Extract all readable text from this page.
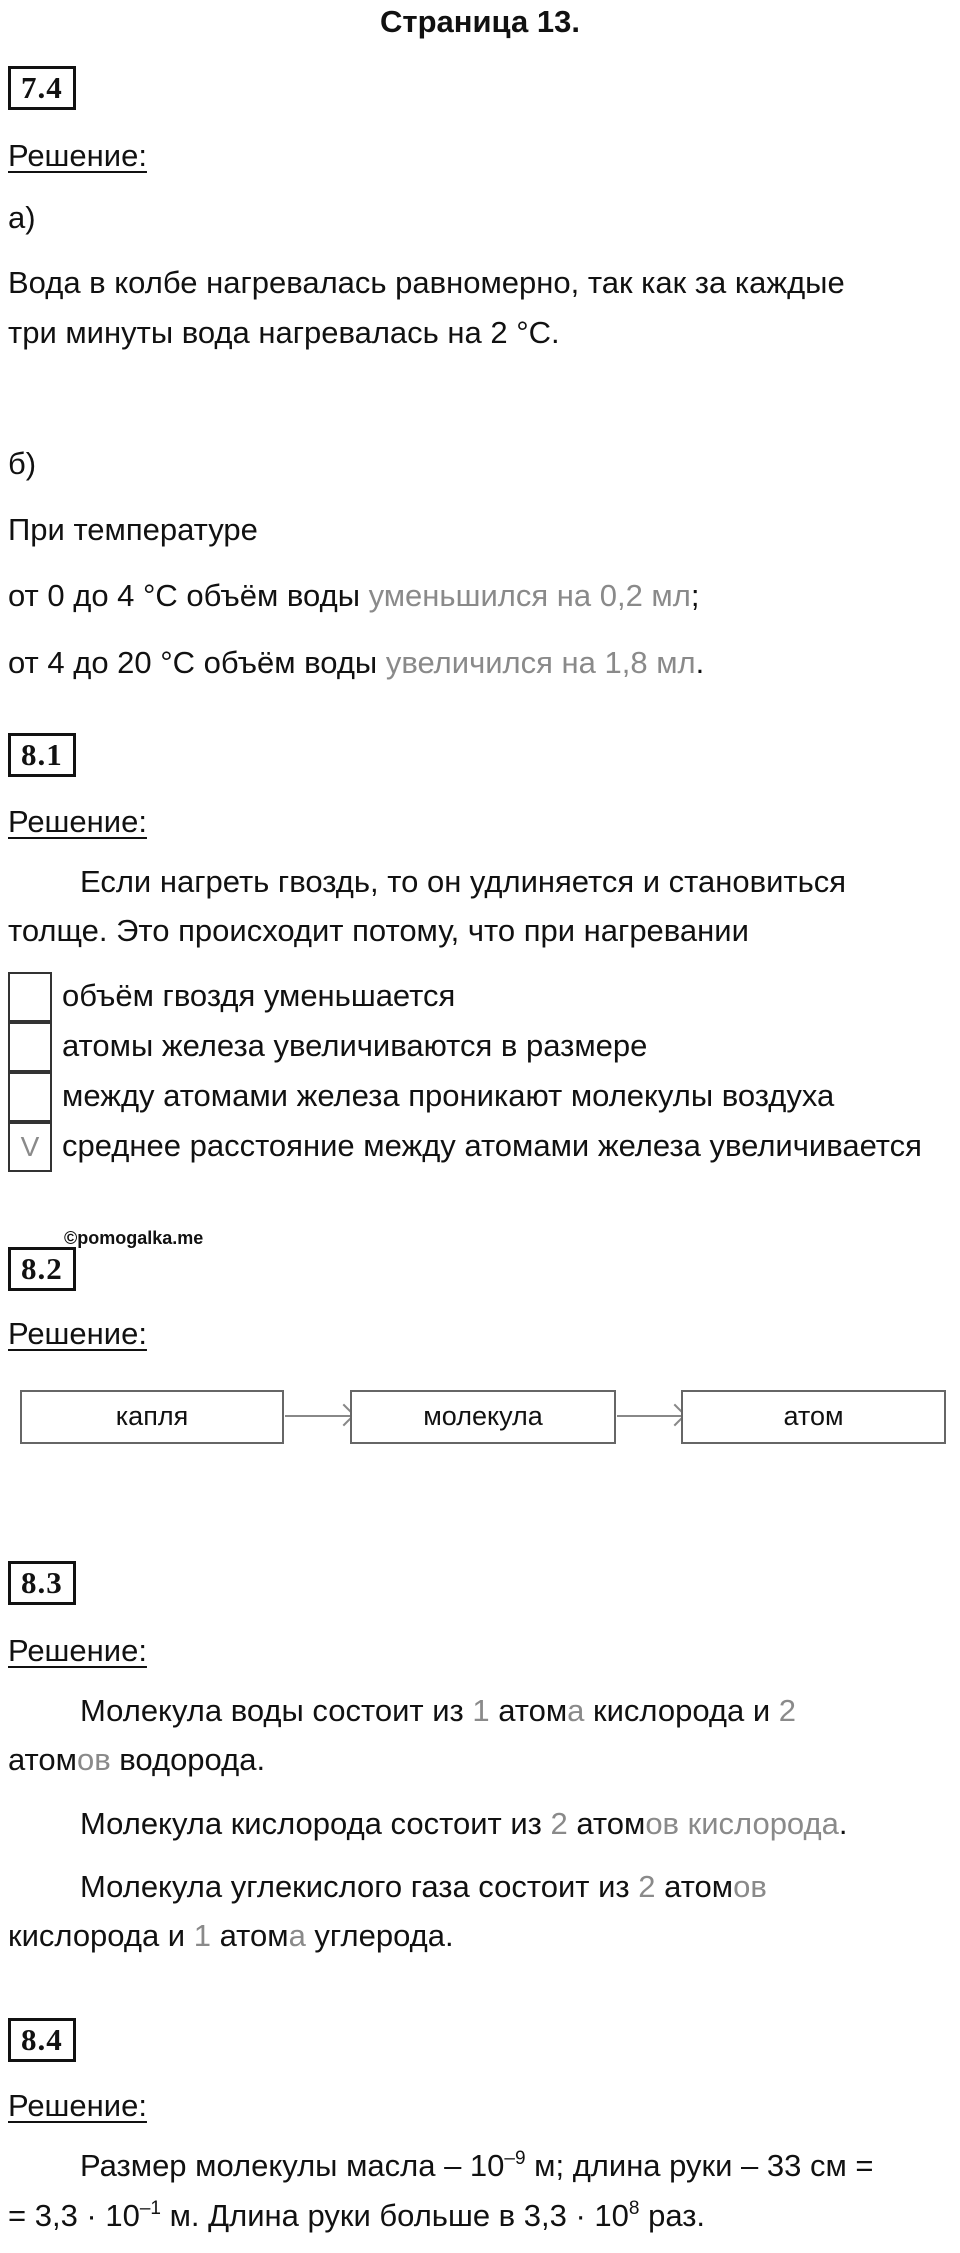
Страница 13.
7.4
Решение:
а)
Вода в колбе нагревалась равномерно, так как за каждые
три минуты вода нагревалась на 2 °С.
б)
При температуре
от 0 до 4 °С объём воды уменьшился на 0,2 мл;
от 4 до 20 °С объём воды увеличился на 1,8 мл.
8.1
Решение:
Если нагреть гвоздь, то он удлиняется и становиться
толще. Это происходит потому, что при нагревании
объём гвоздя уменьшается
атомы железа увеличиваются в размере
между атомами железа проникают молекулы воздуха
V среднее расстояние между атомами железа увеличивается
©pomogalka.me
8.2
Решение:
капля	молекула	атом
8.3
Решение:
Молекула воды состоит из 1 атома кислорода и 2
атомов водорода.
Молекула кислорода состоит из 2 атомов кислорода.
Молекула углекислого газа состоит из 2 атомов
кислорода и 1 атома углерода.
8.4
Решение:
Размер молекулы масла – $10^{-9}$ м; длина руки – 33 см =
= $3,3 \cdot 10^{-1}$ м. Длина руки больше в $3,3 \cdot 10^8$ раз.
